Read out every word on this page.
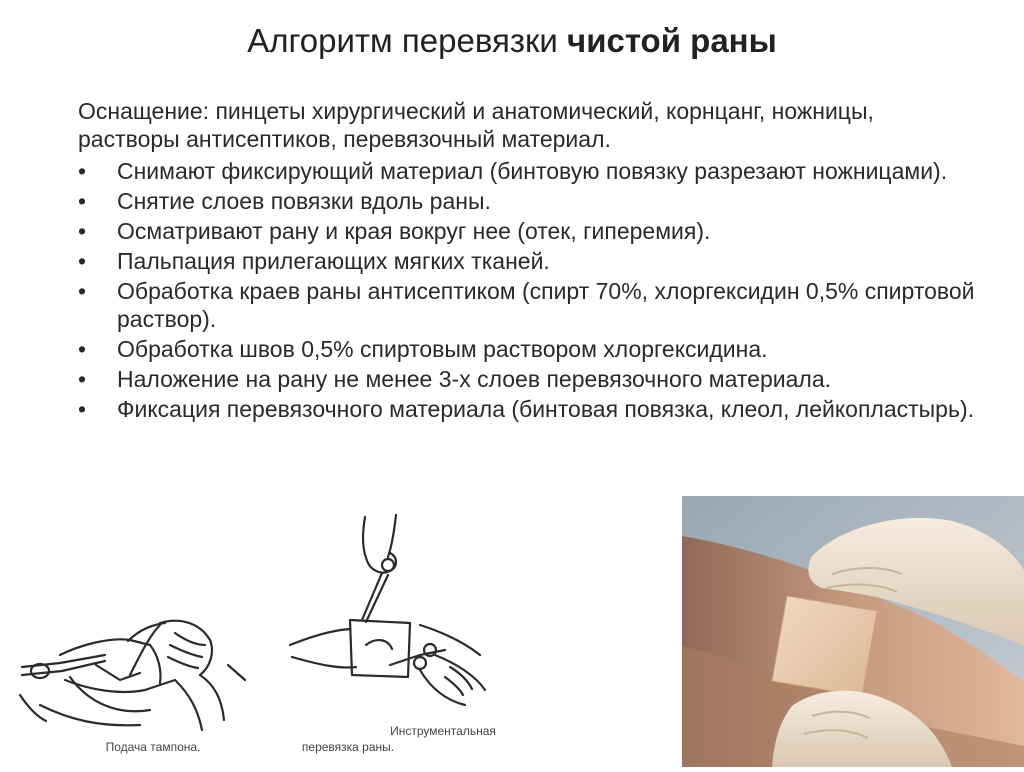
Алгоритм перевязки чистой раны

Оснащение: пинцеты хирургический и анатомический, корнцанг, ножницы, растворы антисептиков, перевязочный материал.

•	Снимают фиксирующий материал (бинтовую повязку разрезают ножницами).
•	Снятие слоев повязки вдоль раны.
•	Осматривают рану и края вокруг нее (отек, гиперемия).
•	Пальпация прилегающих мягких тканей.
•	Обработка краев раны антисептиком (спирт 70%, хлоргексидин 0,5% спиртовой раствор).
•	Обработка швов 0,5% спиртовым раствором хлоргексидина.
•	Наложение на рану не менее 3-х слоев перевязочного материала.
•	Фиксация перевязочного материала (бинтовая повязка, клеол, лейкопластырь).
Подача тампона.
Инструментальная
перевязка раны.
